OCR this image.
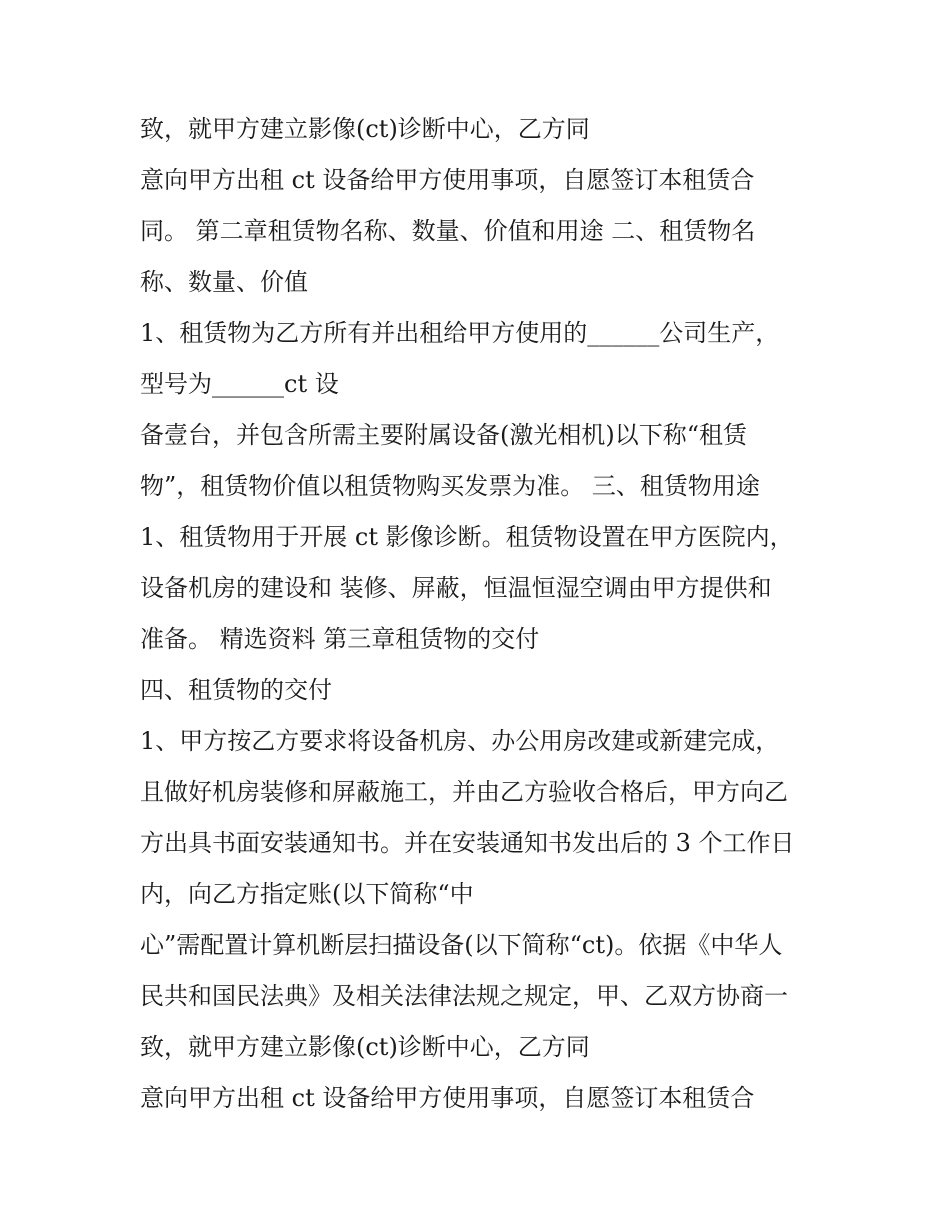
致，就甲方建立影像(ct)诊断中心，乙方同
意向甲方出租 ct 设备给甲方使用事项，自愿签订本租赁合
同。 第二章租赁物名称、数量、价值和用途 二、租赁物名
称、数量、价值
1、租赁物为乙方所有并出租给甲方使用的______公司生产，
型号为______ct 设
备壹台，并包含所需主要附属设备(激光相机)以下称“租赁
物”，租赁物价值以租赁物购买发票为准。 三、租赁物用途
1、租赁物用于开展 ct 影像诊断。租赁物设置在甲方医院内，
设备机房的建设和 装修、屏蔽，恒温恒湿空调由甲方提供和
准备。 精选资料 第三章租赁物的交付
四、租赁物的交付
1、甲方按乙方要求将设备机房、办公用房改建或新建完成，
且做好机房装修和屏蔽施工，并由乙方验收合格后，甲方向乙
方出具书面安装通知书。并在安装通知书发出后的 3 个工作日
内，向乙方指定账(以下简称“中
心”需配置计算机断层扫描设备(以下简称“ct)。依据《中华人
民共和国民法典》及相关法律法规之规定，甲、乙双方协商一
致，就甲方建立影像(ct)诊断中心，乙方同
意向甲方出租 ct 设备给甲方使用事项，自愿签订本租赁合
